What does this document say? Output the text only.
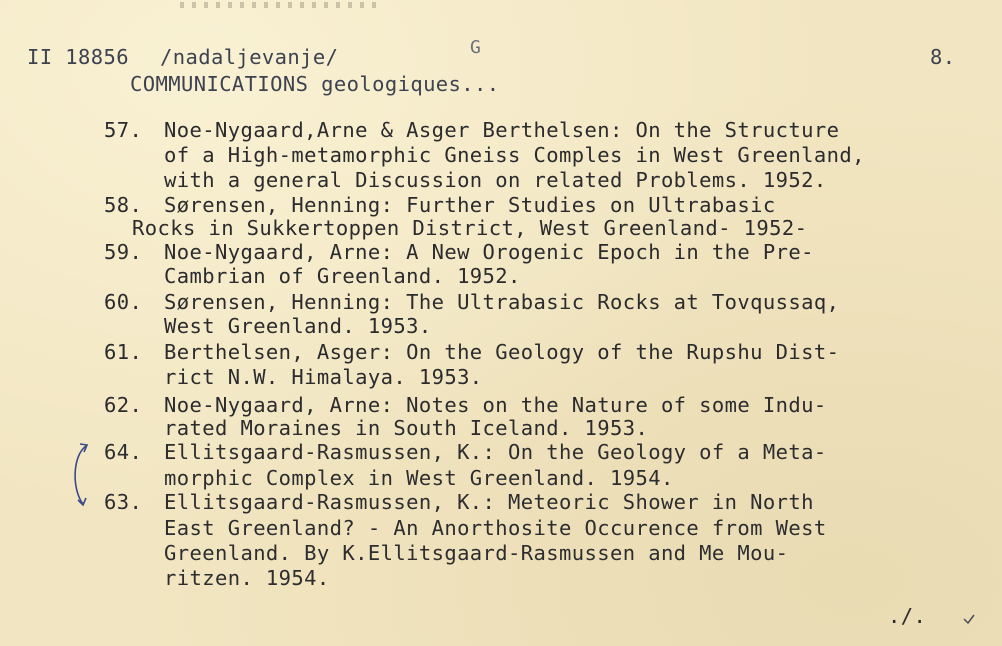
II 18856 /nadaljevanje/	G	8.
COMMUNICATIONS geologiques...
57. Noe-Nygaard,Arne & Asger Berthelsen: On the Structure
of a High-metamorphic Gneiss Comples in West Greenland,
with a general Discussion on related Problems. 1952.
58. Sørensen, Henning: Further Studies on Ultrabasic
Rocks in Sukkertoppen District, West Greenland- 1952-
59. Noe-Nygaard, Arne: A New Orogenic Epoch in the Pre-
Cambrian of Greenland. 1952.
60. Sørensen, Henning: The Ultrabasic Rocks at Tovqussaq,
West Greenland. 1953.
61. Berthelsen, Asger: On the Geology of the Rupshu Dist-
rict N.W. Himalaya. 1953.
62. Noe-Nygaard, Arne: Notes on the Nature of some Indu-
rated Moraines in South Iceland. 1953.
64. Ellitsgaard-Rasmussen, K.: On the Geology of a Meta-
morphic Complex in West Greenland. 1954.
63. Ellitsgaard-Rasmussen, K.: Meteoric Shower in North
East Greenland? - An Anorthosite Occurence from West
Greenland. By K.Ellitsgaard-Rasmussen and Me Mou-
ritzen. 1954.
./.
